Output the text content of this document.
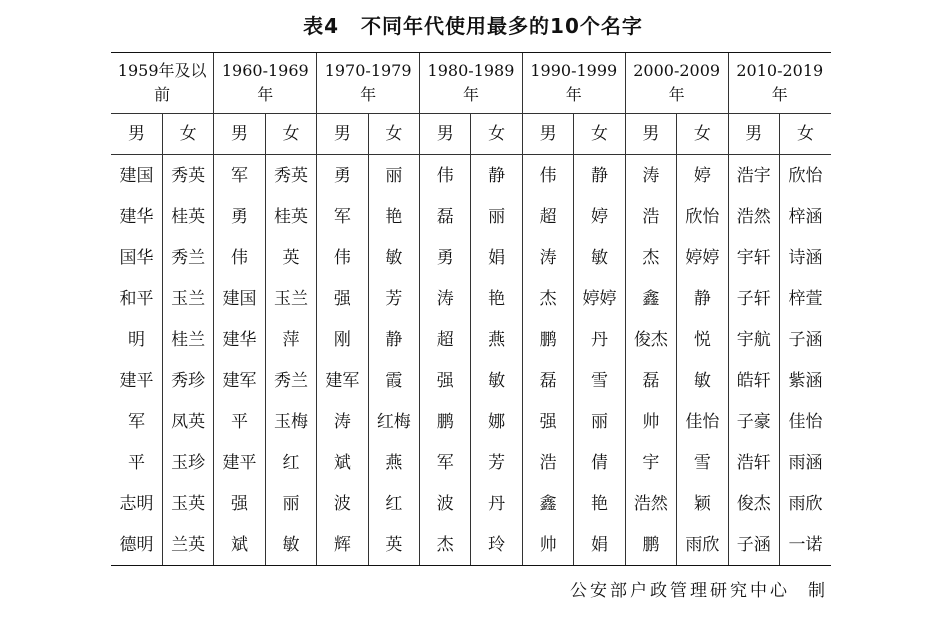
表4 不同年代使用最多的10个名字
1959年及以前		1960-1969年		1970-1979年		1980-1989年		1990-1999年		2000-2009年		2010-2019年	
男	女	男	女	男	女	男	女	男	女	男	女	男	女
建国	秀英	军	秀英	勇	丽	伟	静	伟	静	涛	婷	浩宇	欣怡
建华	桂英	勇	桂英	军	艳	磊	丽	超	婷	浩	欣怡	浩然	梓涵
国华	秀兰	伟	英	伟	敏	勇	娟	涛	敏	杰	婷婷	宇轩	诗涵
和平	玉兰	建国	玉兰	强	芳	涛	艳	杰	婷婷	鑫	静	子轩	梓萱
明	桂兰	建华	萍	刚	静	超	燕	鹏	丹	俊杰	悦	宇航	子涵
建平	秀珍	建军	秀兰	建军	霞	强	敏	磊	雪	磊	敏	皓轩	紫涵
军	凤英	平	玉梅	涛	红梅	鹏	娜	强	丽	帅	佳怡	子豪	佳怡
平	玉珍	建平	红	斌	燕	军	芳	浩	倩	宇	雪	浩轩	雨涵
志明	玉英	强	丽	波	红	波	丹	鑫	艳	浩然	颖	俊杰	雨欣
德明	兰英	斌	敏	辉	英	杰	玲	帅	娟	鹏	雨欣	子涵	一诺
公安部户政管理研究中心 制
